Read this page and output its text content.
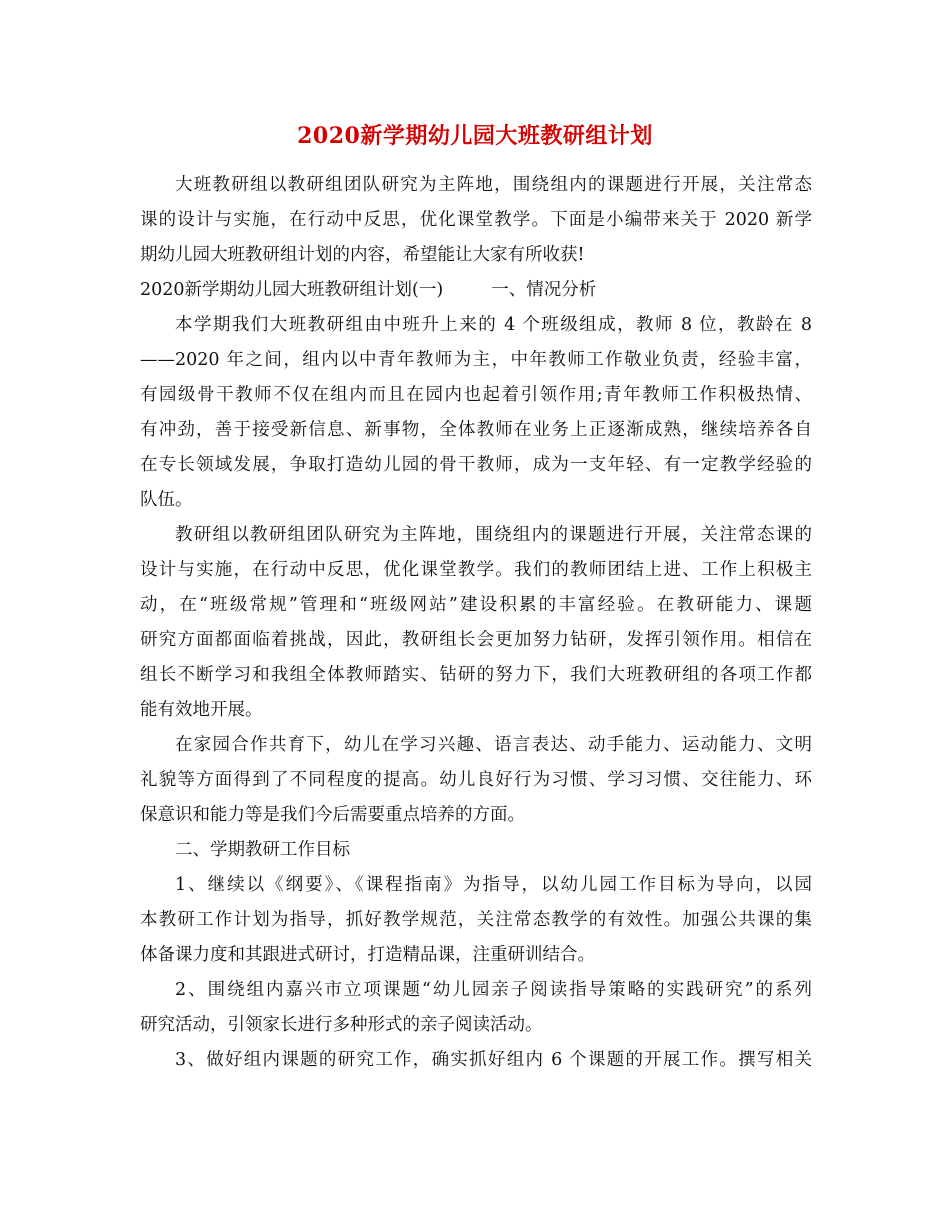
2020新学期幼儿园大班教研组计划

大班教研组以教研组团队研究为主阵地，围绕组内的课题进行开展，关注常态
课的设计与实施，在行动中反思，优化课堂教学。下面是小编带来关于 2020 新学
期幼儿园大班教研组计划的内容，希望能让大家有所收获!

2020新学期幼儿园大班教研组计划(一)	一、情况分析

本学期我们大班教研组由中班升上来的 4 个班级组成，教师 8 位，教龄在 8
——2020 年之间，组内以中青年教师为主，中年教师工作敬业负责，经验丰富，
有园级骨干教师不仅在组内而且在园内也起着引领作用;青年教师工作积极热情、
有冲劲，善于接受新信息、新事物，全体教师在业务上正逐渐成熟，继续培养各自
在专长领域发展，争取打造幼儿园的骨干教师，成为一支年轻、有一定教学经验的
队伍。

教研组以教研组团队研究为主阵地，围绕组内的课题进行开展，关注常态课的
设计与实施，在行动中反思，优化课堂教学。我们的教师团结上进、工作上积极主
动，在“班级常规”管理和“班级网站”建设积累的丰富经验。在教研能力、课题
研究方面都面临着挑战，因此，教研组长会更加努力钻研，发挥引领作用。相信在
组长不断学习和我组全体教师踏实、钻研的努力下，我们大班教研组的各项工作都
能有效地开展。

在家园合作共育下，幼儿在学习兴趣、语言表达、动手能力、运动能力、文明
礼貌等方面得到了不同程度的提高。幼儿良好行为习惯、学习习惯、交往能力、环
保意识和能力等是我们今后需要重点培养的方面。

二、学期教研工作目标

1、继续以《纲要》、《课程指南》为指导，以幼儿园工作目标为导向，以园
本教研工作计划为指导，抓好教学规范，关注常态教学的有效性。加强公共课的集
体备课力度和其跟进式研讨，打造精品课，注重研训结合。

2、围绕组内嘉兴市立项课题“幼儿园亲子阅读指导策略的实践研究”的系列
研究活动，引领家长进行多种形式的亲子阅读活动。

3、做好组内课题的研究工作，确实抓好组内 6 个课题的开展工作。撰写相关
